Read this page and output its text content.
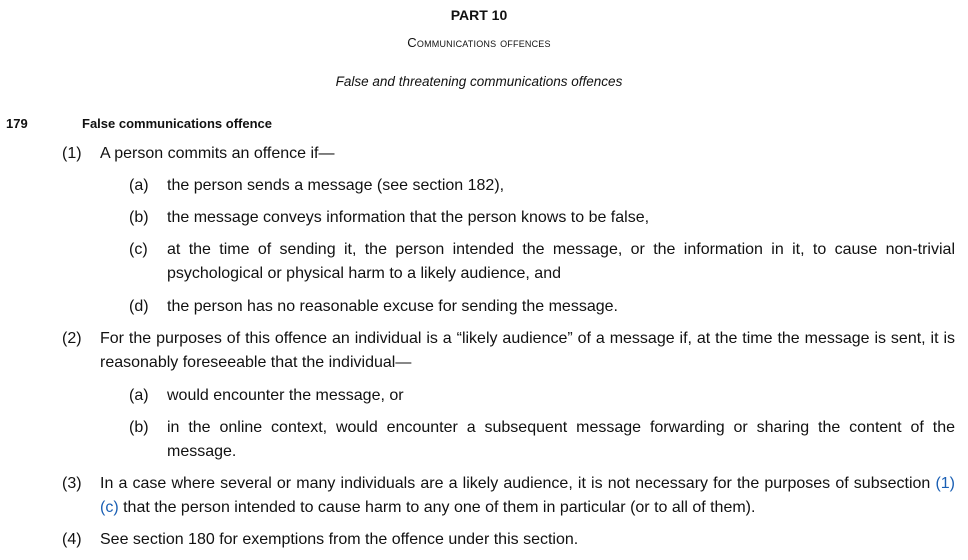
PART 10
Communications offences
False and threatening communications offences
179	False communications offence
(1) A person commits an offence if—
(a) the person sends a message (see section 182),
(b) the message conveys information that the person knows to be false,
(c) at the time of sending it, the person intended the message, or the information in it, to cause non-trivial psychological or physical harm to a likely audience, and
(d) the person has no reasonable excuse for sending the message.
(2) For the purposes of this offence an individual is a “likely audience” of a message if, at the time the message is sent, it is reasonably foreseeable that the individual—
(a) would encounter the message, or
(b) in the online context, would encounter a subsequent message forwarding or sharing the content of the message.
(3) In a case where several or many individuals are a likely audience, it is not necessary for the purposes of subsection (1)(c) that the person intended to cause harm to any one of them in particular (or to all of them).
(4) See section 180 for exemptions from the offence under this section.
